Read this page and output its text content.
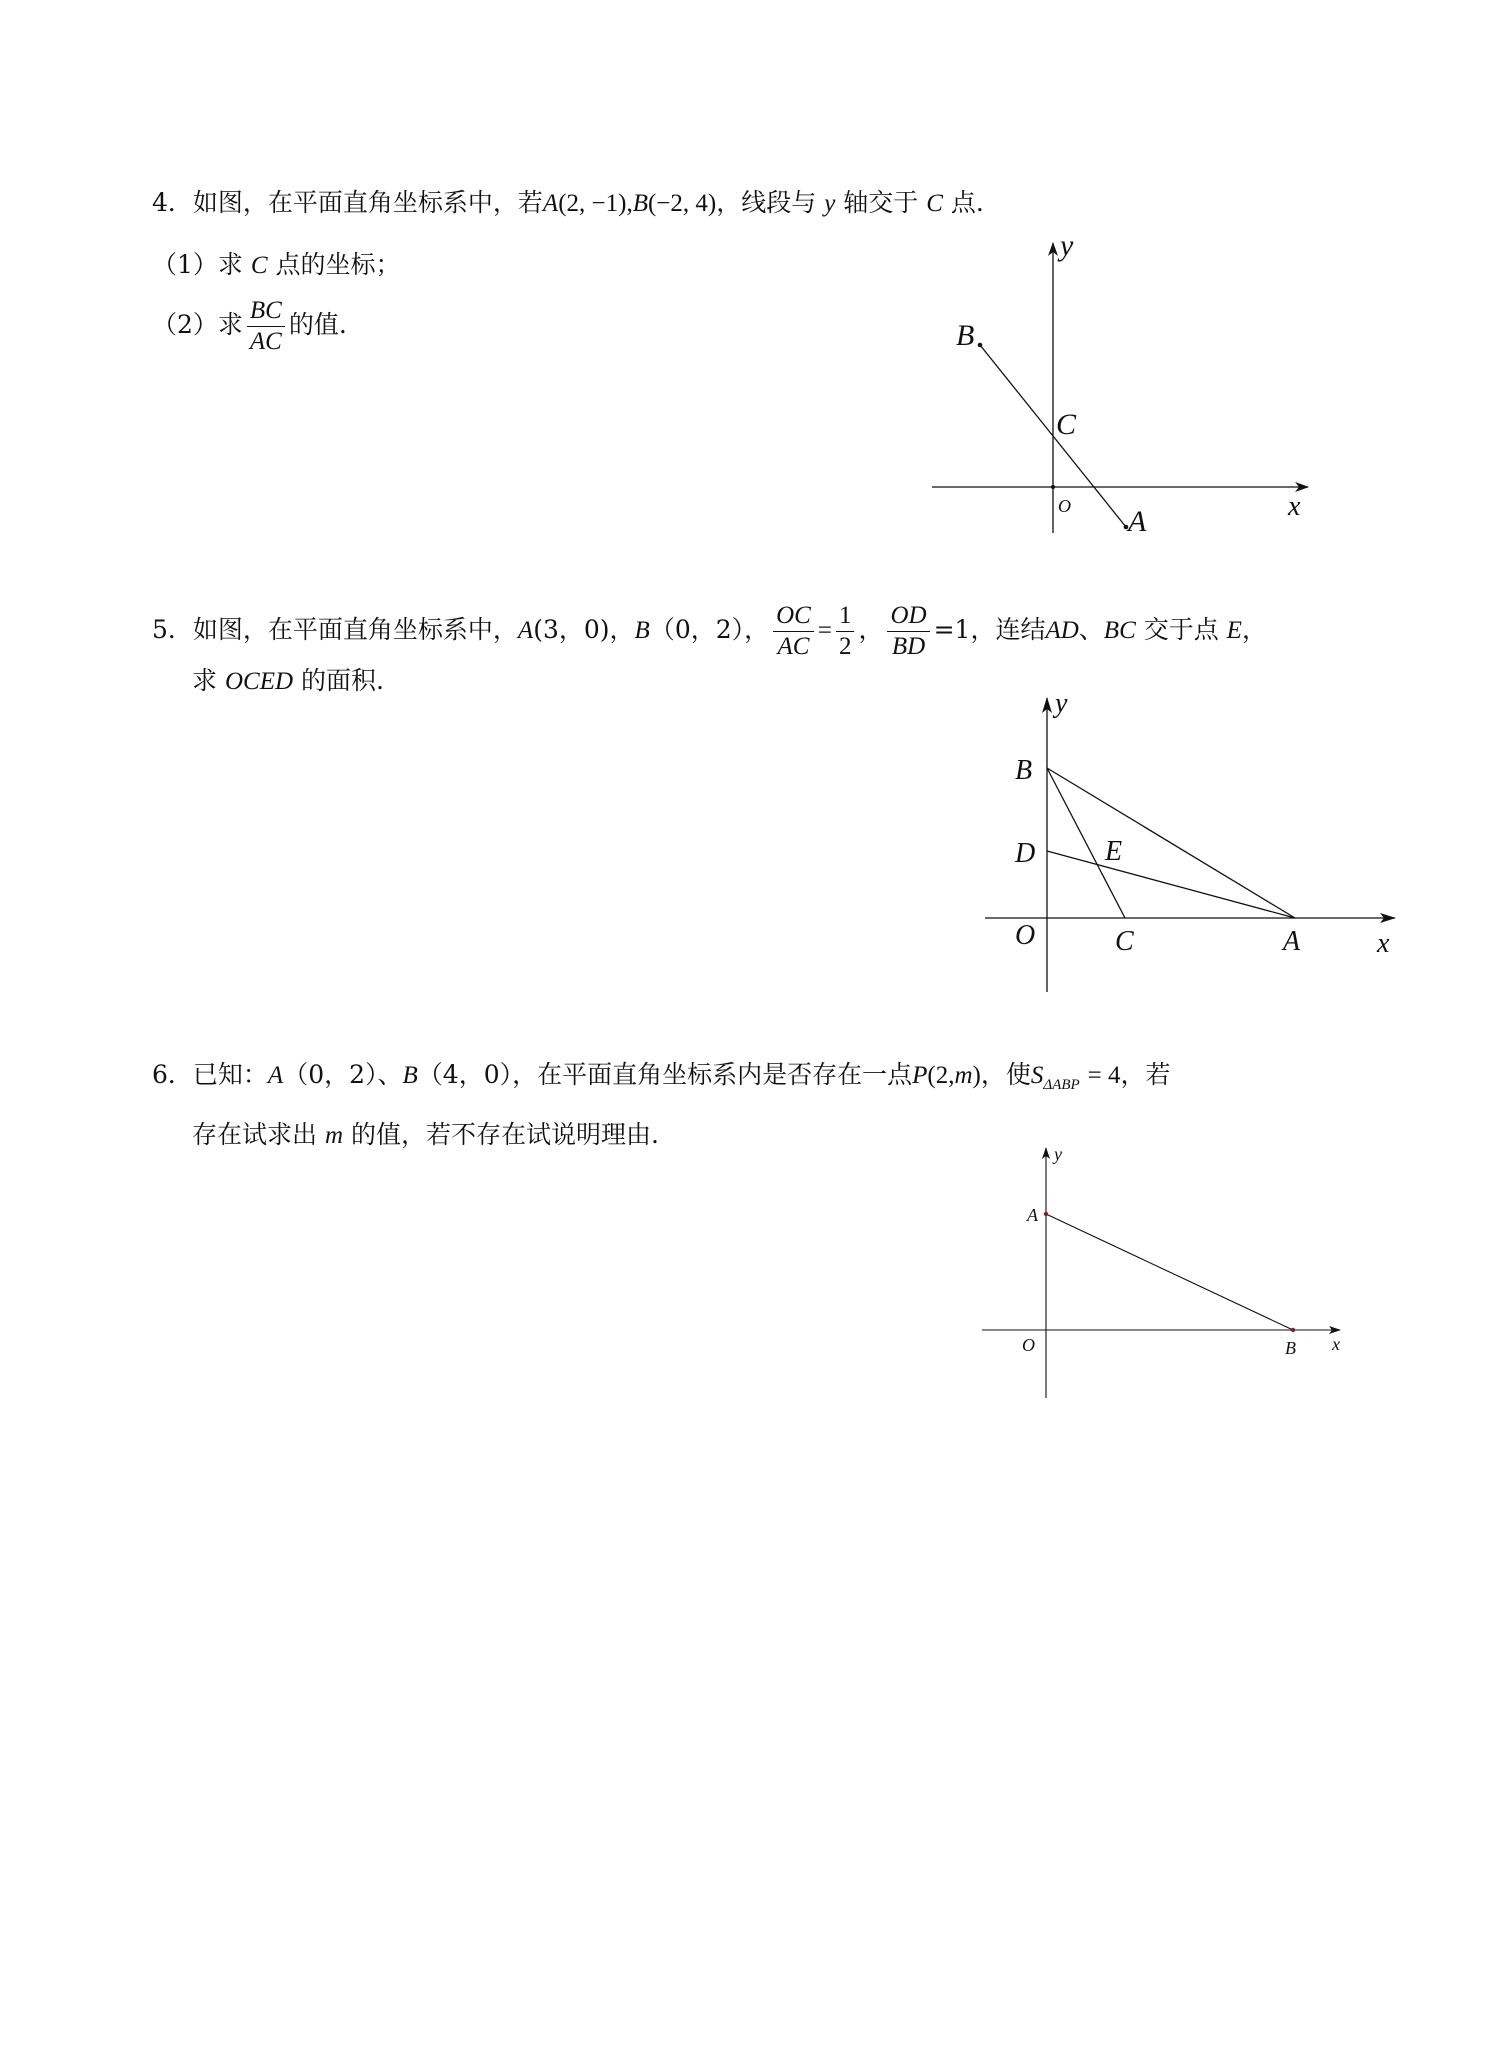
4．如图，在平面直角坐标系中，若A(2, −1),B(−2, 4)，线段与 y 轴交于 C 点.
（1）求 C 点的坐标；
（2）求 $\frac{BC}{AC}$ 的值.
y
B
C
O	x
A
5．如图，在平面直角坐标系中，A(3，0)，B（0，2）， $\frac{OC}{AC} = \frac{1}{2}$ ， $\frac{OD}{BD} =1$，连结AD、BC 交于点 E，
求 OCED 的面积.
y
B
D E
O	C	A	x
6．已知：A（0，2）、B（4，0），在平面直角坐标系内是否存在一点P(2,m)，使$S_{\Delta ABP} = 4$，若
存在试求出 m 的值，若不存在试说明理由.
y
A
O	B x
